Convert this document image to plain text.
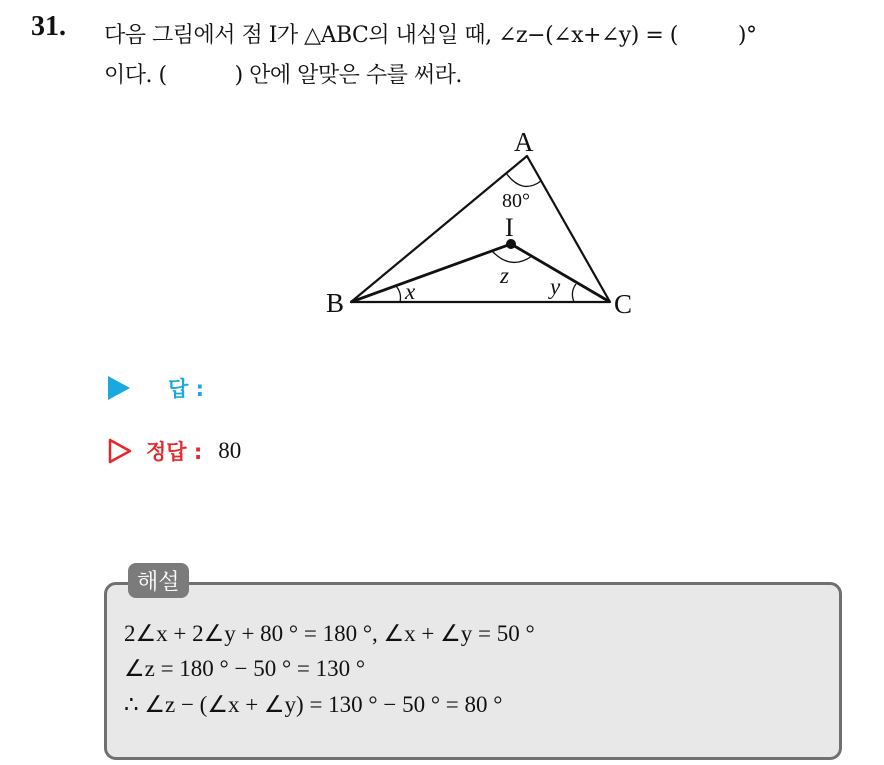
31. 다음 그림에서 점 I가 △ABC의 내심일 때, ∠z−(∠x+∠y) = (	)°
이다. (	) 안에 알맞은 수를 써라.
A
B	C
I
80°
x	y
z
답 :
정답 : 80
해설
2∠x + 2∠y + 80 ° = 180 °, ∠x + ∠y = 50 °
∠z = 180 ° − 50 ° = 130 °
∴ ∠z − (∠x + ∠y) = 130 ° − 50 ° = 80 °
